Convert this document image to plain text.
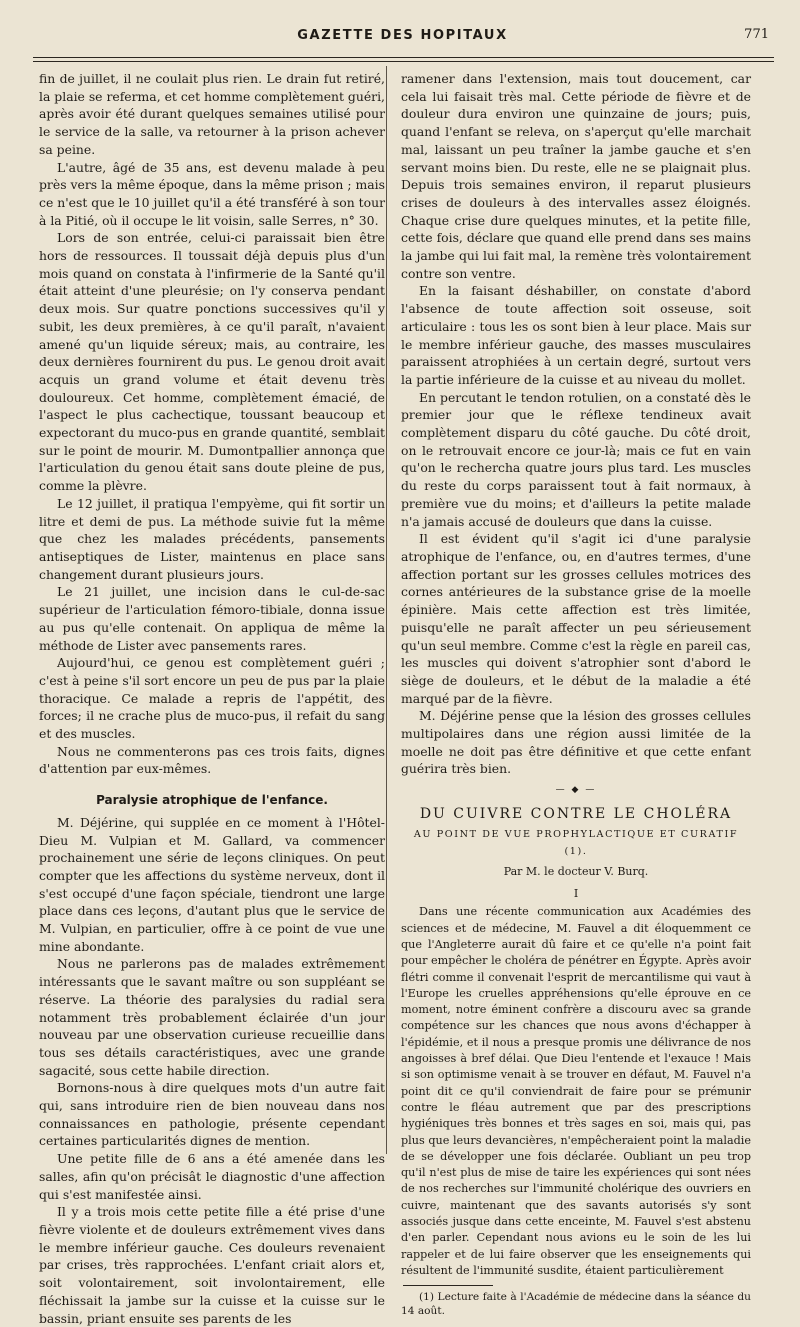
GAZETTE DES HOPITAUX	771

fin de juillet, il ne coulait plus rien. Le drain fut retiré, la plaie se referma, et cet homme complètement guéri, après avoir été durant quelques semaines utilisé pour le service de la salle, va retourner à la prison achever sa peine.

L'autre, âgé de 35 ans, est devenu malade à peu près vers la même époque, dans la même prison ; mais ce n'est que le 10 juillet qu'il a été transféré à son tour à la Pitié, où il occupe le lit voisin, salle Serres, n° 30.

Lors de son entrée, celui-ci paraissait bien être hors de ressources. Il toussait déjà depuis plus d'un mois quand on constata à l'infirmerie de la Santé qu'il était atteint d'une pleurésie; on l'y conserva pendant deux mois. Sur quatre ponctions successives qu'il y subit, les deux premières, à ce qu'il paraît, n'avaient amené qu'un liquide séreux; mais, au contraire, les deux dernières fournirent du pus. Le genou droit avait acquis un grand volume et était devenu très douloureux. Cet homme, complètement émacié, de l'aspect le plus cachectique, toussant beaucoup et expectorant du muco-pus en grande quantité, semblait sur le point de mourir. M. Dumontpallier annonça que l'articulation du genou était sans doute pleine de pus, comme la plèvre.

Le 12 juillet, il pratiqua l'empyème, qui fit sortir un litre et demi de pus. La méthode suivie fut la même que chez les malades précédents, pansements antiseptiques de Lister, maintenus en place sans changement durant plusieurs jours.

Le 21 juillet, une incision dans le cul-de-sac supérieur de l'articulation fémoro-tibiale, donna issue au pus qu'elle contenait. On appliqua de même la méthode de Lister avec pansements rares.

Aujourd'hui, ce genou est complètement guéri ; c'est à peine s'il sort encore un peu de pus par la plaie thoracique. Ce malade a repris de l'appétit, des forces; il ne crache plus de muco-pus, il refait du sang et des muscles.

Nous ne commenterons pas ces trois faits, dignes d'attention par eux-mêmes.

Paralysie atrophique de l'enfance.

M. Déjérine, qui supplée en ce moment à l'Hôtel-Dieu M. Vulpian et M. Gallard, va commencer prochainement une série de leçons cliniques. On peut compter que les affections du système nerveux, dont il s'est occupé d'une façon spéciale, tiendront une large place dans ces leçons, d'autant plus que le service de M. Vulpian, en particulier, offre à ce point de vue une mine abondante.

Nous ne parlerons pas de malades extrêmement intéressants que le savant maître ou son suppléant se réserve. La théorie des paralysies du radial sera notamment très probablement éclairée d'un jour nouveau par une observation curieuse recueillie dans tous ses détails caractéristiques, avec une grande sagacité, sous cette habile direction.

Bornons-nous à dire quelques mots d'un autre fait qui, sans introduire rien de bien nouveau dans nos connaissances en pathologie, présente cependant certaines particularités dignes de mention.

Une petite fille de 6 ans a été amenée dans les salles, afin qu'on précisât le diagnostic d'une affection qui s'est manifestée ainsi.

Il y a trois mois cette petite fille a été prise d'une fièvre violente et de douleurs extrêmement vives dans le membre inférieur gauche. Ces douleurs revenaient par crises, très rapprochées. L'enfant criait alors et, soit volontairement, soit involontairement, elle fléchissait la jambe sur la cuisse et la cuisse sur le bassin, priant ensuite ses parents de les

ramener dans l'extension, mais tout doucement, car cela lui faisait très mal. Cette période de fièvre et de douleur dura environ une quinzaine de jours; puis, quand l'enfant se releva, on s'aperçut qu'elle marchait mal, laissant un peu traîner la jambe gauche et s'en servant moins bien. Du reste, elle ne se plaignait plus. Depuis trois semaines environ, il reparut plusieurs crises de douleurs à des intervalles assez éloignés. Chaque crise dure quelques minutes, et la petite fille, cette fois, déclare que quand elle prend dans ses mains la jambe qui lui fait mal, la remène très volontairement contre son ventre.

En la faisant déshabiller, on constate d'abord l'absence de toute affection soit osseuse, soit articulaire : tous les os sont bien à leur place. Mais sur le membre inférieur gauche, des masses musculaires paraissent atrophiées à un certain degré, surtout vers la partie inférieure de la cuisse et au niveau du mollet.

En percutant le tendon rotulien, on a constaté dès le premier jour que le réflexe tendineux avait complètement disparu du côté gauche. Du côté droit, on le retrouvait encore ce jour-là; mais ce fut en vain qu'on le rechercha quatre jours plus tard. Les muscles du reste du corps paraissent tout à fait normaux, à première vue du moins; et d'ailleurs la petite malade n'a jamais accusé de douleurs que dans la cuisse.

Il est évident qu'il s'agit ici d'une paralysie atrophique de l'enfance, ou, en d'autres termes, d'une affection portant sur les grosses cellules motrices des cornes antérieures de la substance grise de la moelle épinière. Mais cette affection est très limitée, puisqu'elle ne paraît affecter un peu sérieusement qu'un seul membre. Comme c'est la règle en pareil cas, les muscles qui doivent s'atrophier sont d'abord le siège de douleurs, et le début de la maladie a été marqué par de la fièvre.

M. Déjérine pense que la lésion des grosses cellules multipolaires dans une région aussi limitée de la moelle ne doit pas être définitive et que cette enfant guérira très bien.

— ◆ —
DU CUIVRE CONTRE LE CHOLÉRA
AU POINT DE VUE PROPHYLACTIQUE ET CURATIF (1).
Par M. le docteur V. Burq.
I

Dans une récente communication aux Académies des sciences et de médecine, M. Fauvel a dit éloquemment ce que l'Angleterre aurait dû faire et ce qu'elle n'a point fait pour empêcher le choléra de pénétrer en Égypte. Après avoir flétri comme il convenait l'esprit de mercantilisme qui vaut à l'Europe les cruelles appréhensions qu'elle éprouve en ce moment, notre éminent confrère a discouru avec sa grande compétence sur les chances que nous avons d'échapper à l'épidémie, et il nous a presque promis une délivrance de nos angoisses à bref délai. Que Dieu l'entende et l'exauce ! Mais si son optimisme venait à se trouver en défaut, M. Fauvel n'a point dit ce qu'il conviendrait de faire pour se prémunir contre le fléau autrement que par des prescriptions hygiéniques très bonnes et très sages en soi, mais qui, pas plus que leurs devancières, n'empêcheraient point la maladie de se développer une fois déclarée. Oubliant un peu trop qu'il n'est plus de mise de taire les expériences qui sont nées de nos recherches sur l'immunité cholérique des ouvriers en cuivre, maintenant que des savants autorisés s'y sont associés jusque dans cette enceinte, M. Fauvel s'est abstenu d'en parler. Cependant nous avions eu le soin de les lui rappeler et de lui faire observer que les enseignements qui résultent de l'immunité susdite, étaient particulièrement

(1) Lecture faite à l'Académie de médecine dans la séance du 14 août.
